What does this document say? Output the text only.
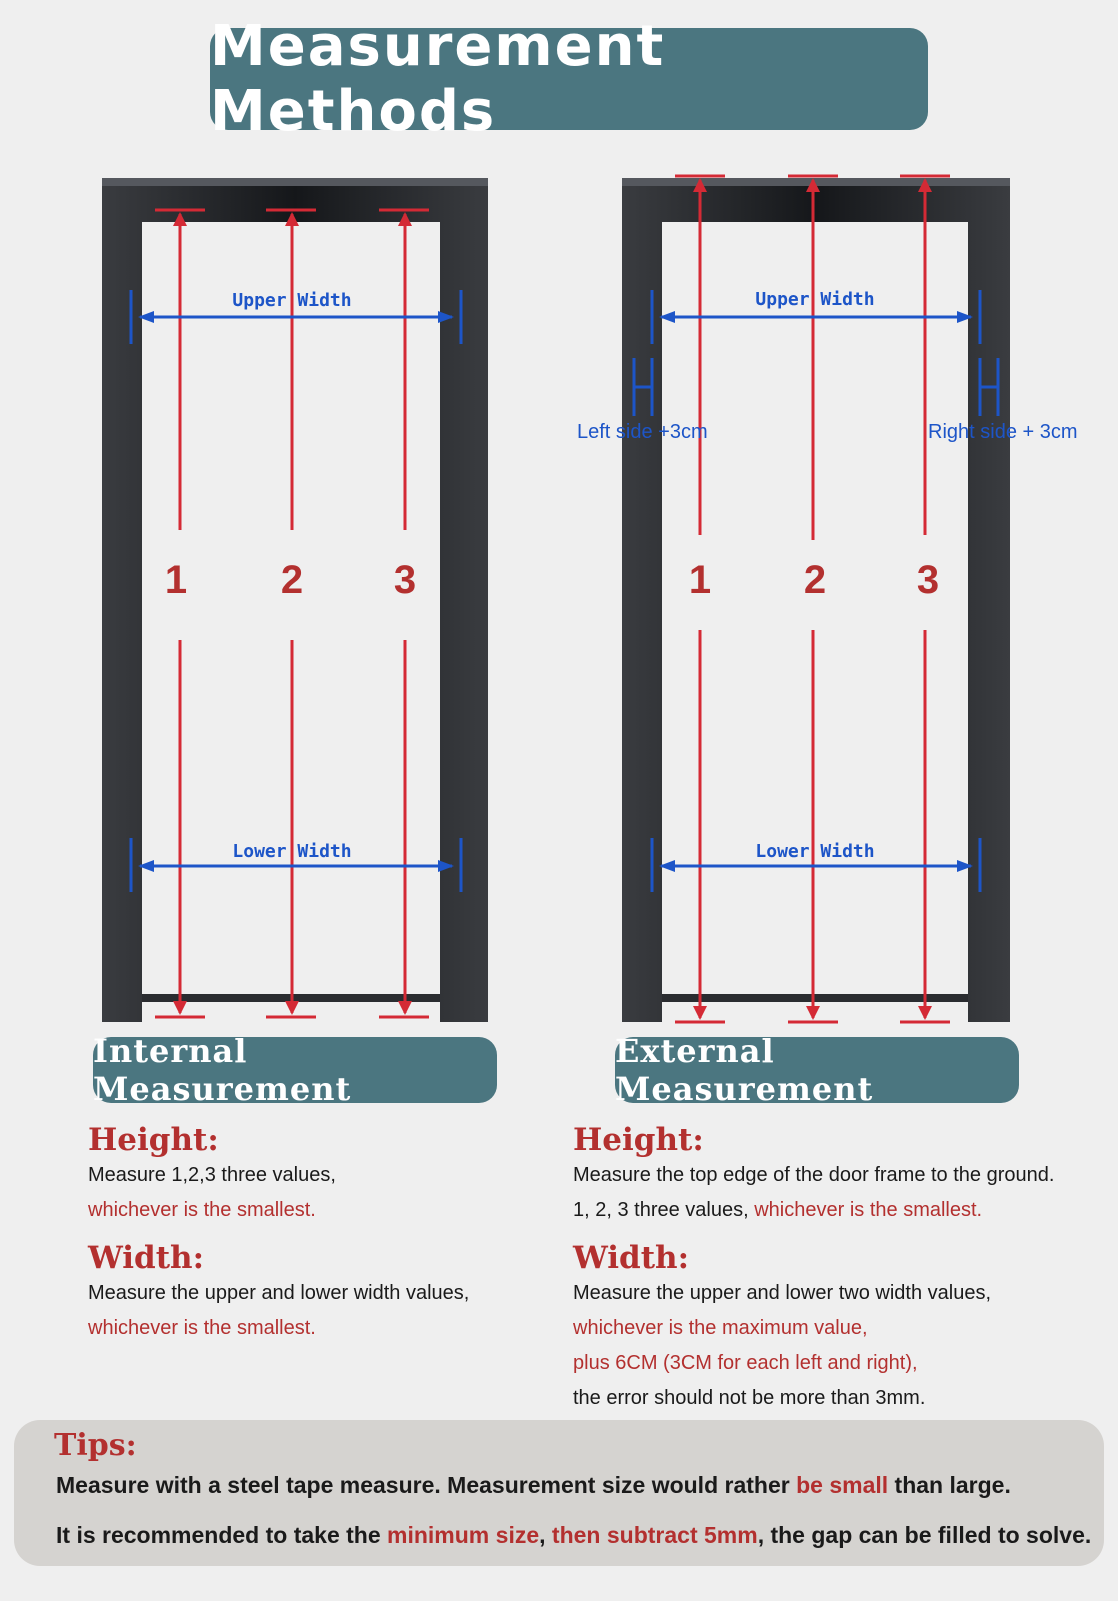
Measurement Methods
Upper Width
Lower Width
Upper Width
Lower Width
Left side +3cm	Right side + 3cm
1 2 3	1 2 3
Internal Measurement
External Measurement

Height:

Measure 1,2,3 three values,

whichever is the smallest.

Width:

Measure the upper and lower width values,

whichever is the smallest.

Height:

Measure the top edge of the door frame to the ground.

1, 2, 3 three values, whichever is the smallest.

Width:

Measure the upper and lower two width values,

whichever is the maximum value,

plus 6CM (3CM for each left and right),

the error should not be more than 3mm.

Tips:
Measure with a steel tape measure. Measurement size would rather be small than large.
It is recommended to take the minimum size, then subtract 5mm, the gap can be filled to solve.
